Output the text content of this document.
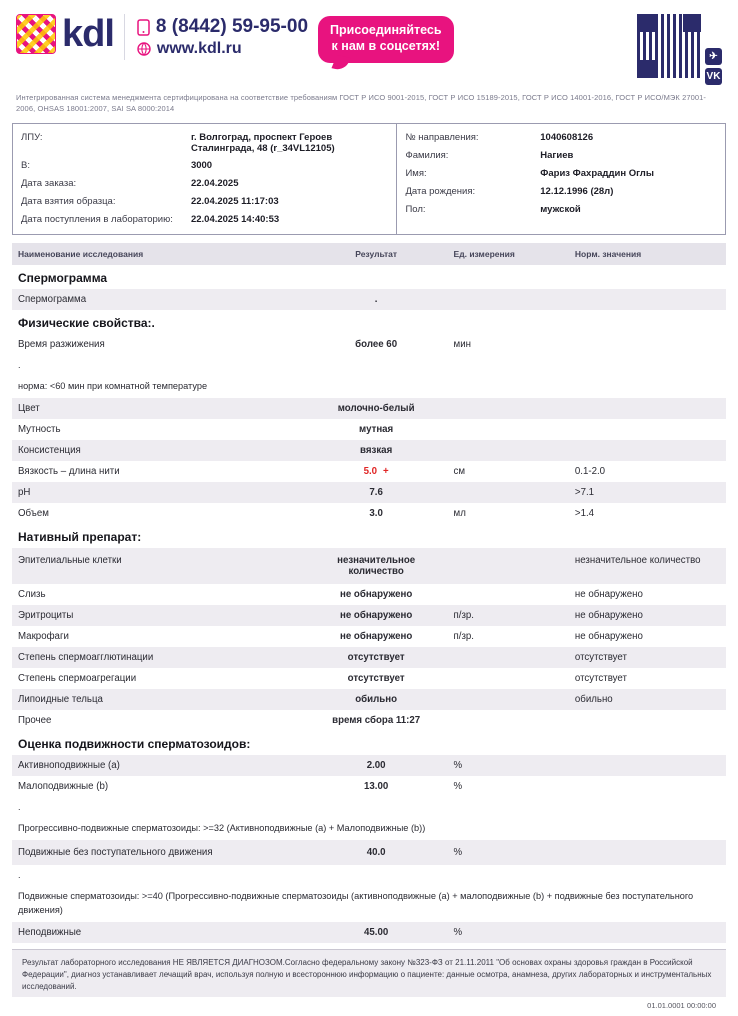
kdl 8 (8442) 59-95-00
www.kdl.ru
Присоединяйтесь
к нам в соцсетях!
✈
VK
Интегрированная система менеджмента сертифицирована на соответствие требованиям ГОСТ Р ИСО 9001-2015, ГОСТ Р ИСО 15189-2015, ГОСТ Р ИСО 14001-2016, ГОСТ Р ИСО/МЭК 27001-2006, OHSAS 18001:2007, SAI SA 8000:2014
ЛПУ:	г. Волгоград, проспект Героев Сталинграда, 48 (r_34VL12105)
В:	3000
Дата заказа:	22.04.2025
Дата взятия образца:	22.04.2025 11:17:03
Дата поступления в лабораторию:	22.04.2025 14:40:53
№ направления:	1040608126
Фамилия:	Нагиев
Имя:	Фариз Фахраддин Оглы
Дата рождения:	12.12.1996 (28л)
Пол:	мужской
Наименование исследования	Результат	Ед. измерения	Норм. значения
Спермограмма			
Спермограмма	.		
Физические свойства:.			
Время разжижения	более 60	мин	
.			
норма: <60 мин при комнатной температуре			
Цвет	молочно-белый		
Мутность	мутная		
Консистенция	вязкая		
Вязкость – длина нити	5.0 +	см	0.1-2.0
pH	7.6		>7.1
Объем	3.0	мл	>1.4
Нативный препарат:			
Эпителиальные клетки	незначительное количество		незначительное количество
Слизь	не обнаружено		не обнаружено
Эритроциты	не обнаружено	п/зр.	не обнаружено
Макрофаги	не обнаружено	п/зр.	не обнаружено
Степень спермоагглютинации	отсутствует		отсутствует
Степень спермоагрегации	отсутствует		отсутствует
Липоидные тельца	обильно		обильно
Прочее	время сбора 11:27		
Оценка подвижности сперматозоидов:			
Активноподвижные (a)	2.00	%	
Малоподвижные (b)	13.00	%	
.			
Прогрессивно-подвижные сперматозоиды: >=32 (Активноподвижные (a) + Малоподвижные (b))			
Подвижные без поступательного движения	40.0	%	
.			
Подвижные сперматозоиды: >=40 (Прогрессивно-подвижные сперматозоиды (активноподвижные (a) + малоподвижные (b) + подвижные без поступательного движения)			
Неподвижные	45.00	%	
Результат лабораторного исследования НЕ ЯВЛЯЕТСЯ ДИАГНОЗОМ.Согласно федеральному закону №323-ФЗ от 21.11.2011 "Об основах охраны здоровья граждан в Российской Федерации", диагноз устанавливает лечащий врач, используя полную и всестороннюю информацию о пациенте: данные осмотра, анамнеза, других лабораторных и инструментальных исследований.
01.01.0001 00:00:00
